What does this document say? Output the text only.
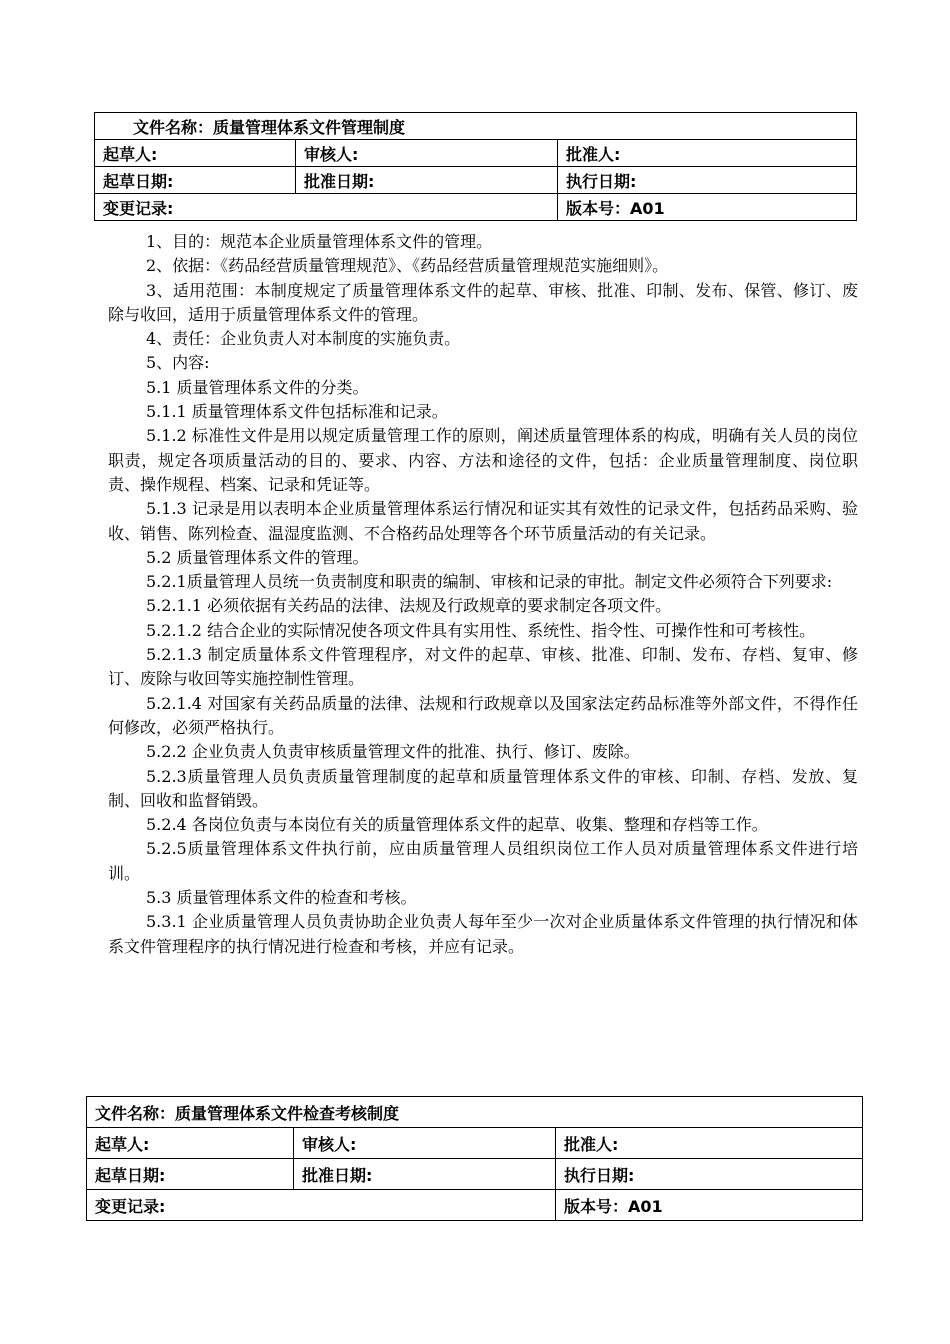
文件名称：质量管理体系文件管理制度		
起草人:	审核人:	批准人:
起草日期:	批准日期:	执行日期:
变更记录:		版本号：A01

1、目的：规范本企业质量管理体系文件的管理。

2、依据：《药品经营质量管理规范》、《药品经营质量管理规范实施细则》。

3、适用范围：本制度规定了质量管理体系文件的起草、审核、批准、印制、发布、保管、修订、废除与收回，适用于质量管理体系文件的管理。

4、责任：企业负责人对本制度的实施负责。

5、内容:

5.1 质量管理体系文件的分类。

5.1.1 质量管理体系文件包括标准和记录。

5.1.2 标准性文件是用以规定质量管理工作的原则，阐述质量管理体系的构成，明确有关人员的岗位职责，规定各项质量活动的目的、要求、内容、方法和途径的文件，包括：企业质量管理制度、岗位职责、操作规程、档案、记录和凭证等。

5.1.3 记录是用以表明本企业质量管理体系运行情况和证实其有效性的记录文件，包括药品采购、验收、销售、陈列检查、温湿度监测、不合格药品处理等各个环节质量活动的有关记录。

5.2 质量管理体系文件的管理。

5.2.1质量管理人员统一负责制度和职责的编制、审核和记录的审批。制定文件必须符合下列要求:

5.2.1.1 必须依据有关药品的法律、法规及行政规章的要求制定各项文件。

5.2.1.2 结合企业的实际情况使各项文件具有实用性、系统性、指令性、可操作性和可考核性。

5.2.1.3 制定质量体系文件管理程序，对文件的起草、审核、批准、印制、发布、存档、复审、修订、废除与收回等实施控制性管理。

5.2.1.4 对国家有关药品质量的法律、法规和行政规章以及国家法定药品标准等外部文件，不得作任何修改，必须严格执行。

5.2.2 企业负责人负责审核质量管理文件的批准、执行、修订、废除。

5.2.3质量管理人员负责质量管理制度的起草和质量管理体系文件的审核、印制、存档、发放、复制、回收和监督销毁。

5.2.4 各岗位负责与本岗位有关的质量管理体系文件的起草、收集、整理和存档等工作。

5.2.5质量管理体系文件执行前，应由质量管理人员组织岗位工作人员对质量管理体系文件进行培训。

5.3 质量管理体系文件的检查和考核。

5.3.1 企业质量管理人员负责协助企业负责人每年至少一次对企业质量体系文件管理的执行情况和体系文件管理程序的执行情况进行检查和考核，并应有记录。

文件名称：质量管理体系文件检查考核制度		
起草人:	审核人:	批准人:
起草日期:	批准日期:	执行日期:
变更记录:		版本号：A01
